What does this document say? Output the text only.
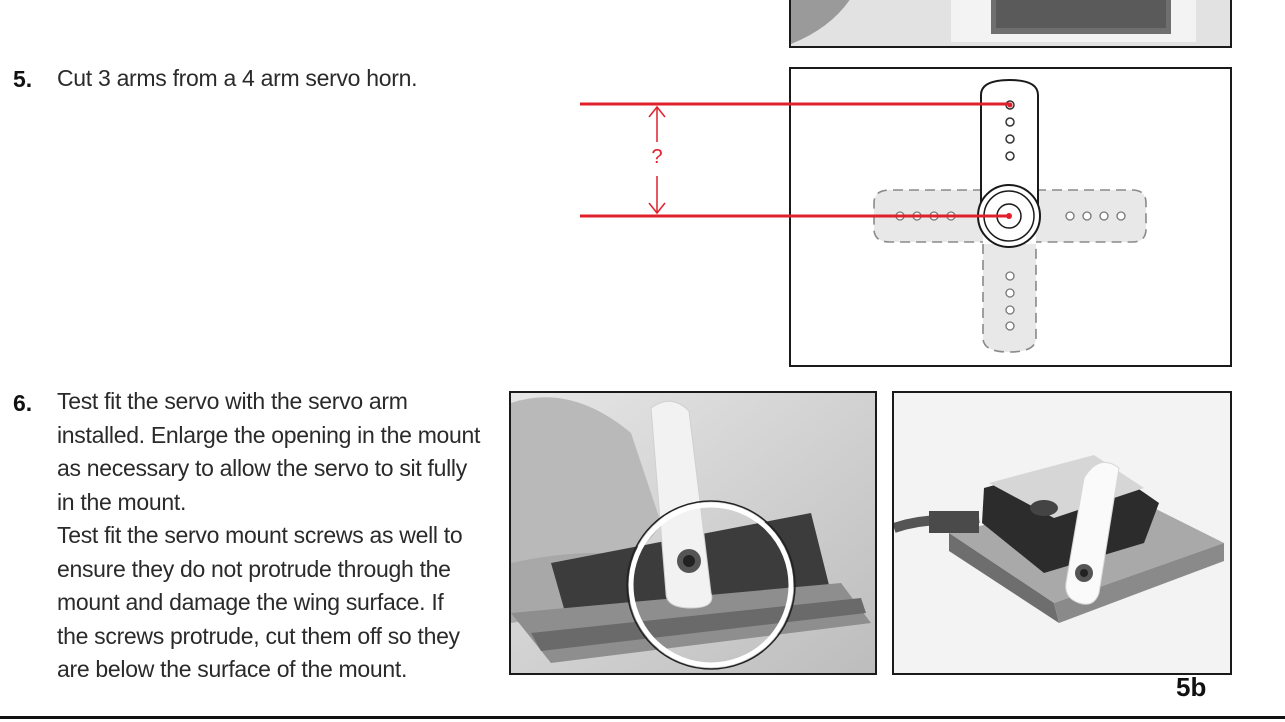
5. Cut 3 arms from a 4 arm servo horn.
?
6. Test fit the servo with the servo arm
installed. Enlarge the opening in the mount
as necessary to allow the servo to sit fully
in the mount.
Test fit the servo mount screws as well to
ensure they do not protrude through the
mount and damage the wing surface. If
the screws protrude, cut them off so they
are below the surface of the mount.
5b
